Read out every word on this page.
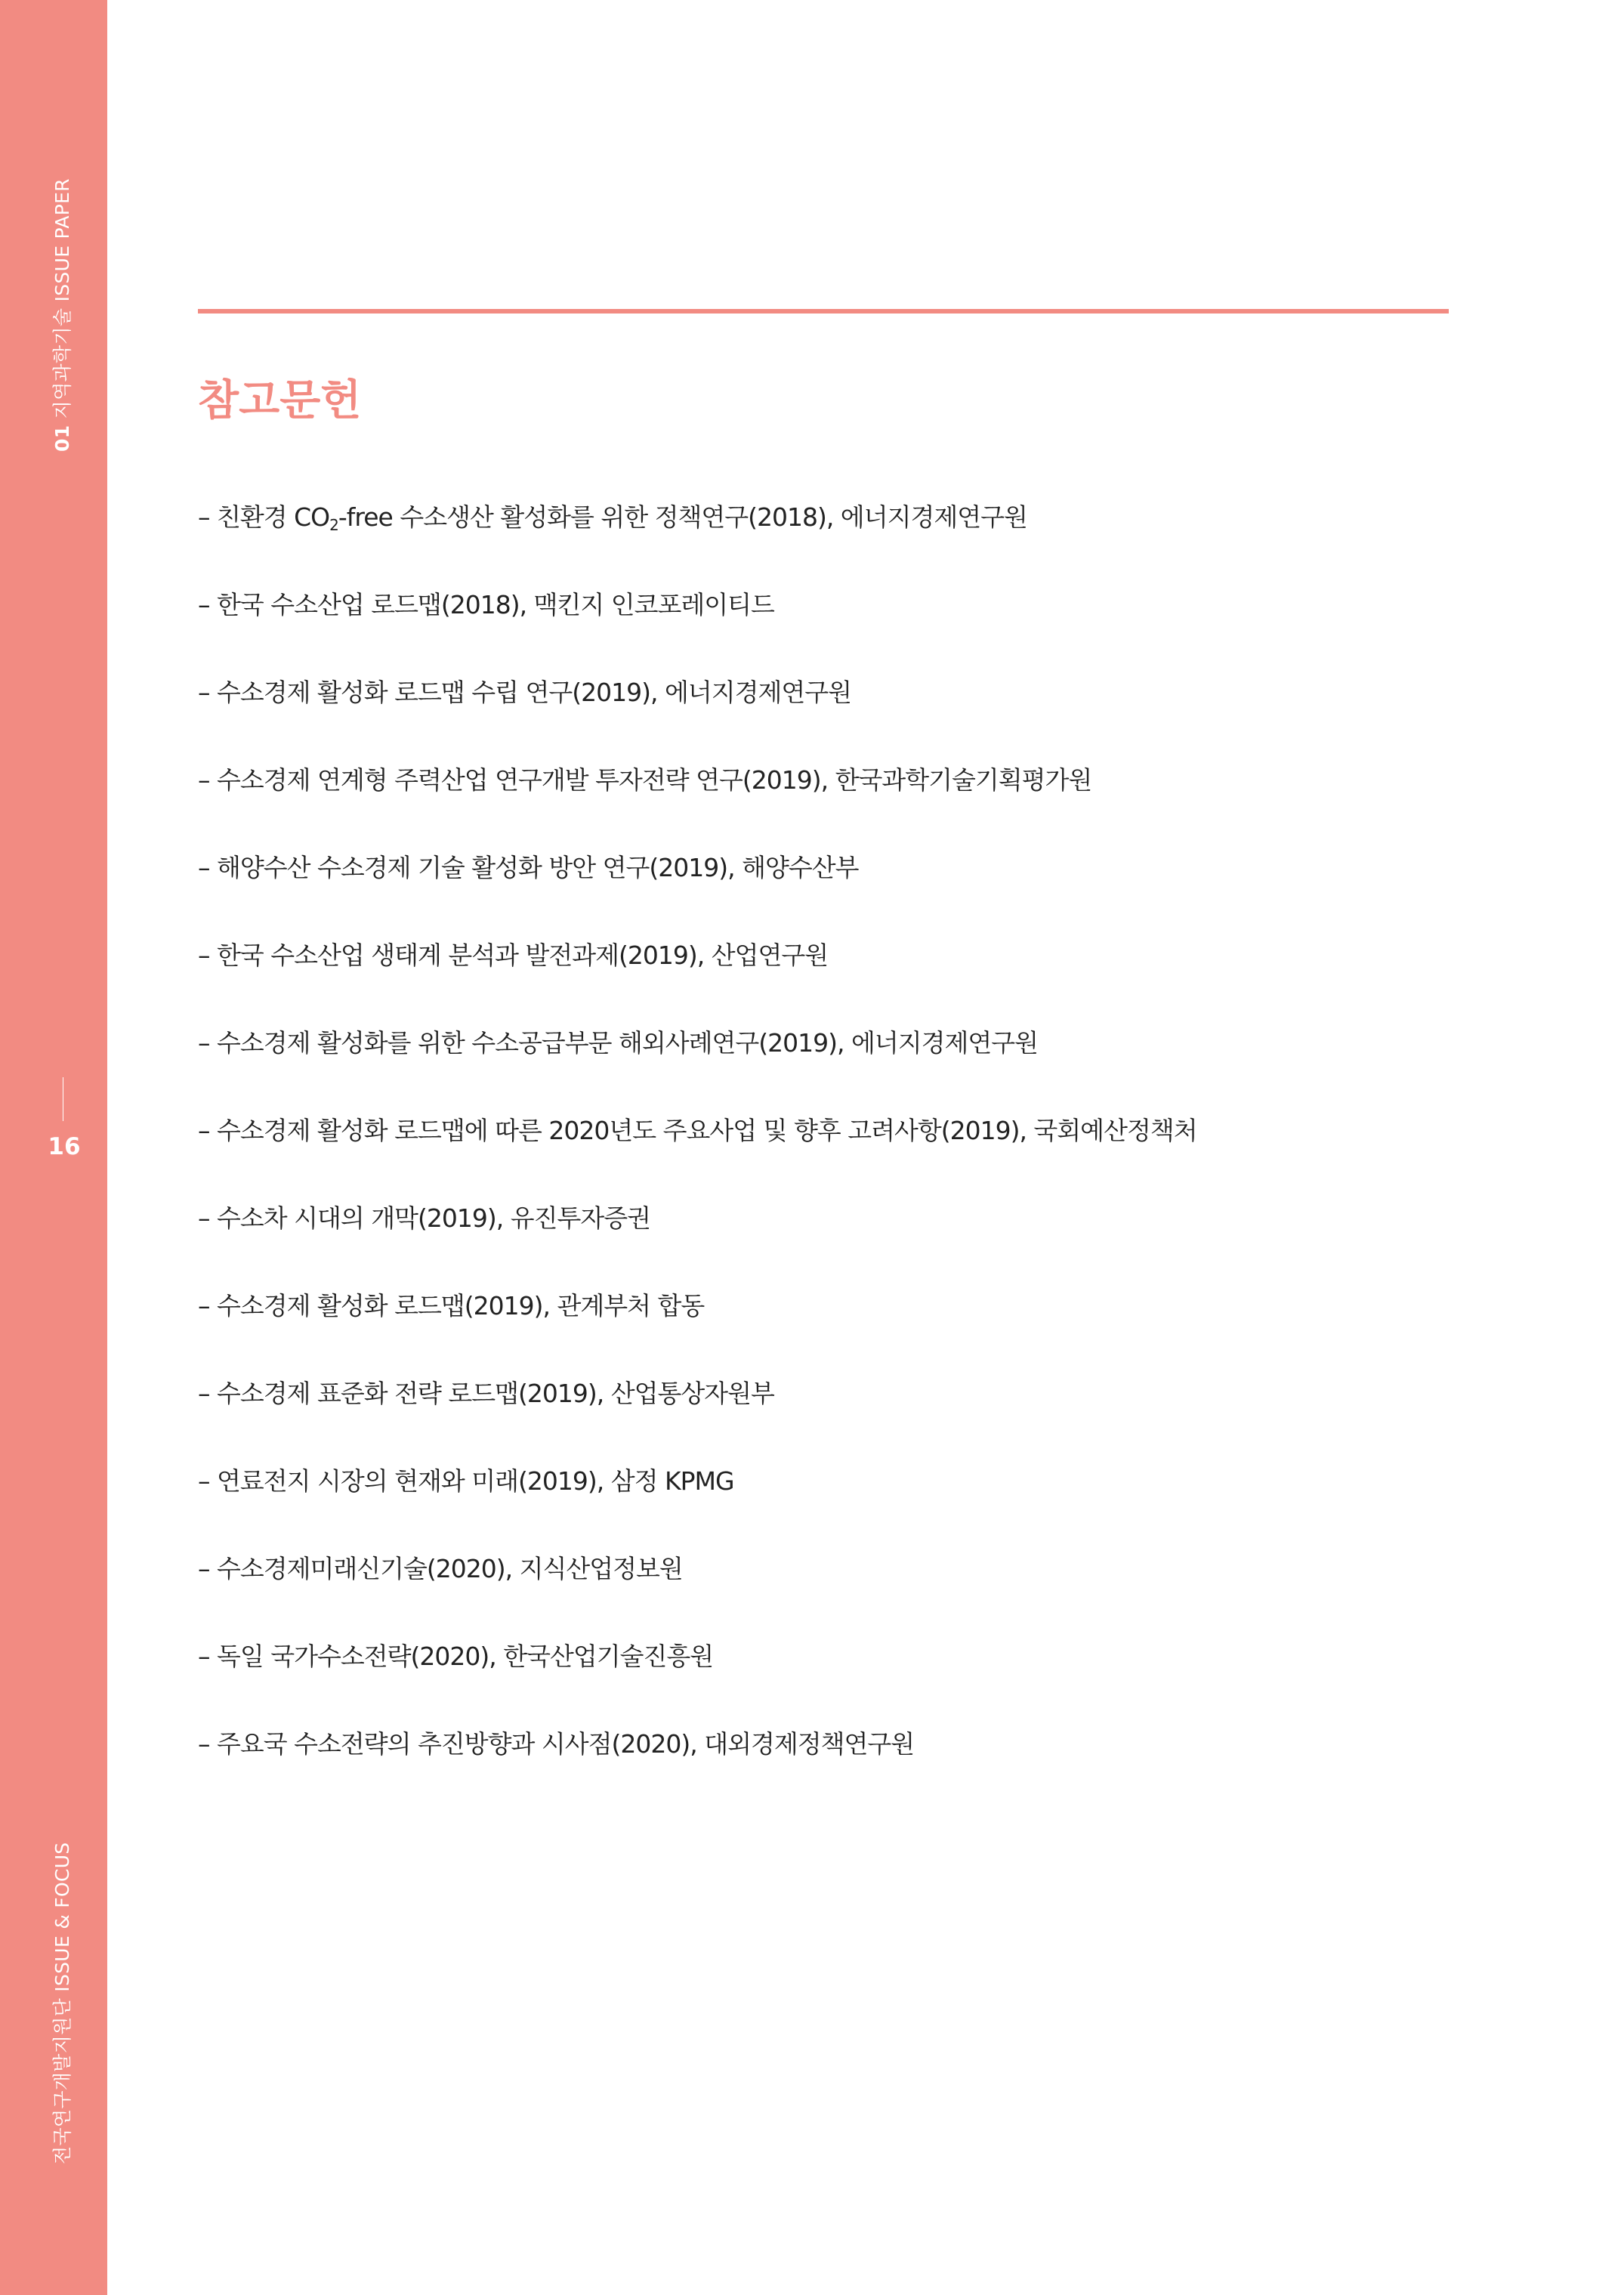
01 지역과학기술 ISSUE PAPER
16
전국연구개발지원단 ISSUE & FOCUS
참고문헌
– 친환경 $CO_2$-free 수소생산 활성화를 위한 정책연구(2018), 에너지경제연구원
– 한국 수소산업 로드맵(2018), 맥킨지 인코포레이티드
– 수소경제 활성화 로드맵 수립 연구(2019), 에너지경제연구원
– 수소경제 연계형 주력산업 연구개발 투자전략 연구(2019), 한국과학기술기획평가원
– 해양수산 수소경제 기술 활성화 방안 연구(2019), 해양수산부
– 한국 수소산업 생태계 분석과 발전과제(2019), 산업연구원
– 수소경제 활성화를 위한 수소공급부문 해외사례연구(2019), 에너지경제연구원
– 수소경제 활성화 로드맵에 따른 2020년도 주요사업 및 향후 고려사항(2019), 국회예산정책처
– 수소차 시대의 개막(2019), 유진투자증권
– 수소경제 활성화 로드맵(2019), 관계부처 합동
– 수소경제 표준화 전략 로드맵(2019), 산업통상자원부
– 연료전지 시장의 현재와 미래(2019), 삼정 KPMG
– 수소경제미래신기술(2020), 지식산업정보원
– 독일 국가수소전략(2020), 한국산업기술진흥원
– 주요국 수소전략의 추진방향과 시사점(2020), 대외경제정책연구원
